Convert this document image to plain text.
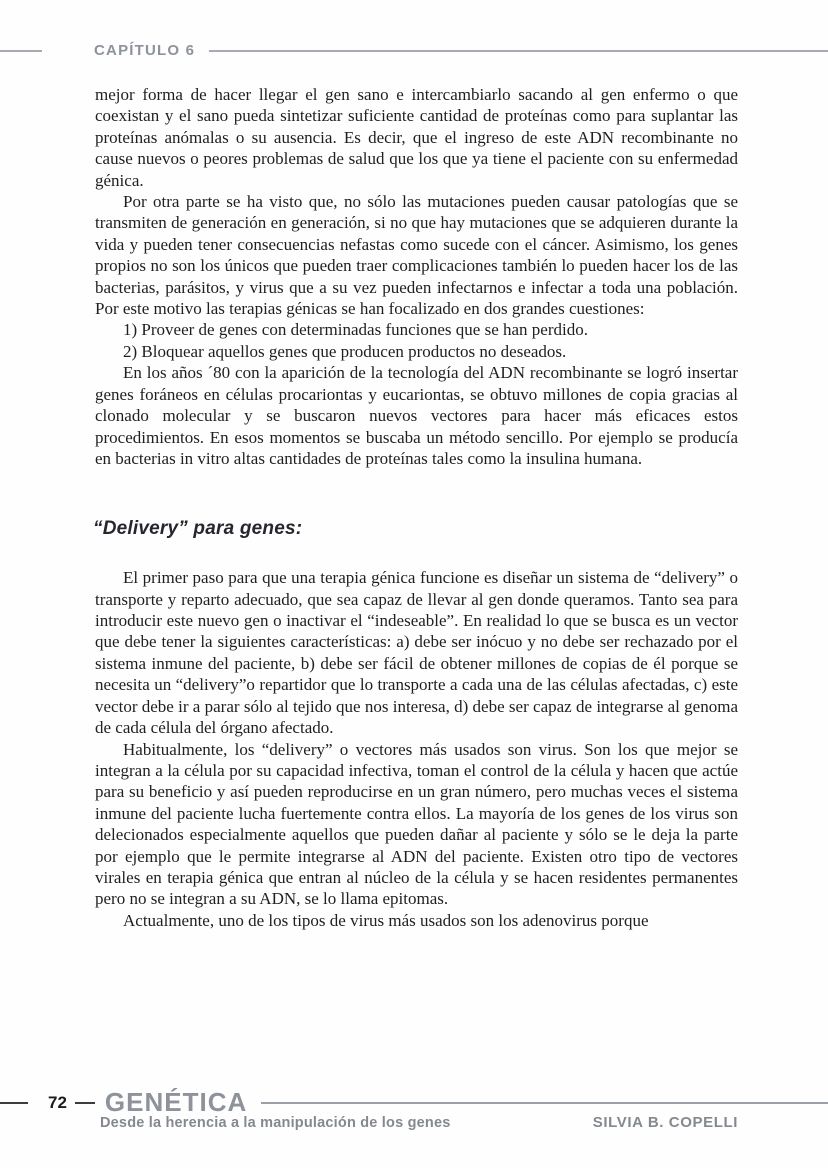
CAPÍTULO 6

mejor forma de hacer llegar el gen sano e intercambiarlo sacando al gen enfermo o que coexistan y el sano pueda sintetizar suficiente cantidad de proteínas como para suplantar las proteínas anómalas o su ausencia. Es decir, que el ingreso de este ADN recombinante no cause nuevos o peores problemas de salud que los que ya tiene el paciente con su enfermedad génica.

Por otra parte se ha visto que, no sólo las mutaciones pueden causar patologías que se transmiten de generación en generación, si no que hay mutaciones que se adquieren durante la vida y pueden tener consecuencias nefastas como sucede con el cáncer. Asimismo, los genes propios no son los únicos que pueden traer complicaciones también lo pueden hacer los de las bacterias, parásitos, y virus que a su vez pueden infectarnos e infectar a toda una población. Por este motivo las terapias génicas se han focalizado en dos grandes cuestiones:

1) Proveer de genes con determinadas funciones que se han perdido.

2) Bloquear aquellos genes que producen productos no deseados.

En los años ´80 con la aparición de la tecnología del ADN recombinante se logró insertar genes foráneos en células procariontas y eucariontas, se obtuvo millones de copia gracias al clonado molecular y se buscaron nuevos vectores para hacer más eficaces estos procedimientos. En esos momentos se buscaba un método sencillo. Por ejemplo se producía en bacterias in vitro altas cantidades de proteínas tales como la insulina humana.

“Delivery” para genes:

El primer paso para que una terapia génica funcione es diseñar un sistema de “delivery” o transporte y reparto adecuado, que sea capaz de llevar al gen donde queramos. Tanto sea para introducir este nuevo gen o inactivar el “indeseable”. En realidad lo que se busca es un vector que debe tener la siguientes características: a) debe ser inócuo y no debe ser rechazado por el sistema inmune del paciente, b) debe ser fácil de obtener millones de copias de él porque se necesita un “delivery”o repartidor que lo transporte a cada una de las células afectadas, c) este vector debe ir a parar sólo al tejido que nos interesa, d) debe ser capaz de integrarse al genoma de cada célula del órgano afectado.

Habitualmente, los “delivery” o vectores más usados son virus. Son los que mejor se integran a la célula por su capacidad infectiva, toman el control de la célula y hacen que actúe para su beneficio y así pueden reproducirse en un gran número, pero muchas veces el sistema inmune del paciente lucha fuertemente contra ellos. La mayoría de los genes de los virus son delecionados especialmente aquellos que pueden dañar al paciente y sólo se le deja la parte por ejemplo que le permite integrarse al ADN del paciente. Existen otro tipo de vectores virales en terapia génica que entran al núcleo de la célula y se hacen residentes permanentes pero no se integran a su ADN, se lo llama epitomas.

Actualmente, uno de los tipos de virus más usados son los adenovirus porque

72 GENÉTICA
Desde la herencia a la manipulación de los genes	SILVIA B. COPELLI
